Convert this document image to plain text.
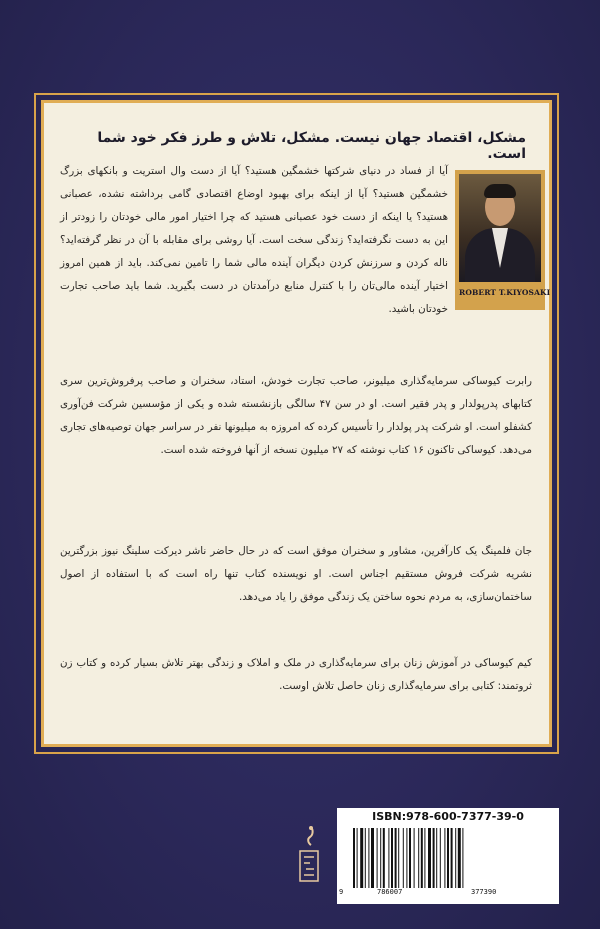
مشکل، اقتصاد جهان نیست. مشکل، تلاش و طرز فکر خود شما است.
ROBERT T.KIYOSAKI
آیا از فساد در دنیای شرکتها خشمگین هستید؟ آیا از دست وال استریت و بانکهای بزرگ خشمگین هستید؟ آیا از اینکه برای بهبود اوضاع اقتصادی گامی برداشته نشده، عصبانی هستید؟ یا اینکه از دست خود عصبانی هستید که چرا اختیار امور مالی خودتان را زودتر از این به دست نگرفته‌اید؟ زندگی سخت است. آیا روشی برای مقابله با آن در نظر گرفته‌اید؟ ناله کردن و سرزنش کردن دیگران آینده مالی شما را تامین نمی‌کند. باید از همین امروز اختیار آینده مالی‌تان را با کنترل منابع درآمدتان در دست بگیرید. شما باید صاحب تجارت خودتان باشید.
رابرت کیوساکی سرمایه‌گذاری میلیونر، صاحب تجارت خودش، استاد، سخنران و صاحب پرفروش‌ترین سری کتابهای پدرپولدار و پدر فقیر است. او در سن ۴۷ سالگی بازنشسته شده و یکی از مؤسسین شرکت فن‌آوری کشفلو است. او شرکت پدر پولدار را تأسیس کرده که امروزه به میلیونها نفر در سراسر جهان توصیه‌های تجاری می‌دهد. کیوساکی تاکنون ۱۶ کتاب نوشته که ۲۷ میلیون نسخه از آنها فروخته شده است.
جان فلمینگ یک کارآفرین، مشاور و سخنران موفق است که در حال حاضر ناشر دیرکت سلینگ نیوز بزرگترین نشریه شرکت فروش مستقیم اجناس است. او نویسنده کتاب تنها راه است که با استفاده از اصول ساختمان‌سازی، به مردم نحوه ساختن یک زندگی موفق را یاد می‌دهد.
کیم کیوساکی در آموزش زنان برای سرمایه‌گذاری در ملک و املاک و زندگی بهتر تلاش بسیار کرده و کتاب زن ثروتمند: کتابی برای سرمایه‌گذاری زنان حاصل تلاش اوست.
ISBN:978-600-7377-39-0
9	786007	377390
